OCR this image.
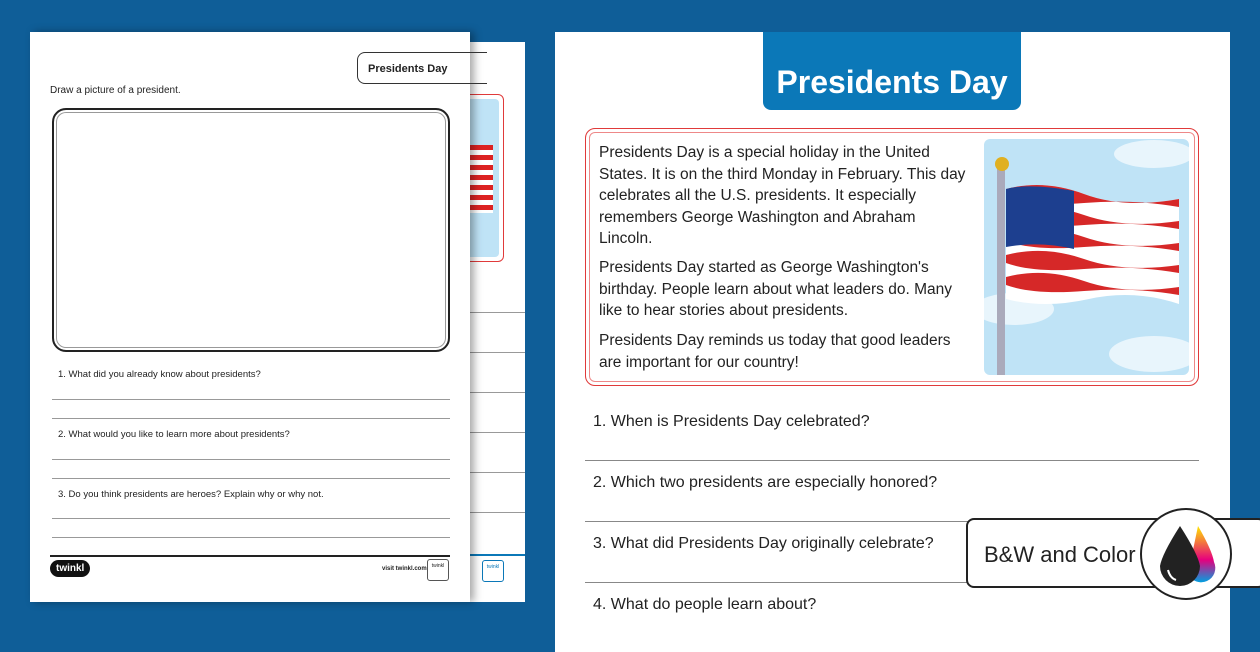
twinkl
Presidents Day
Draw a picture of a president.
1. What did you already know about presidents?
2. What would you like to learn more about presidents?
3. Do you think presidents are heroes? Explain why or why not.
twinkl	visit twinkl.com	twinkl
Presidents Day
Presidents Day is a special holiday in the United States. It is on the third Monday in February. This day celebrates all the U.S. presidents. It especially remembers George Washington and Abraham Lincoln.
Presidents Day started as George Washington's birthday. People learn about what leaders do. Many like to hear stories about presidents.
Presidents Day reminds us today that good leaders are important for our country!
1. When is Presidents Day celebrated?
2. Which two presidents are especially honored?
3. What did Presidents Day originally celebrate?
4. What do people learn about?
B&W and Color
